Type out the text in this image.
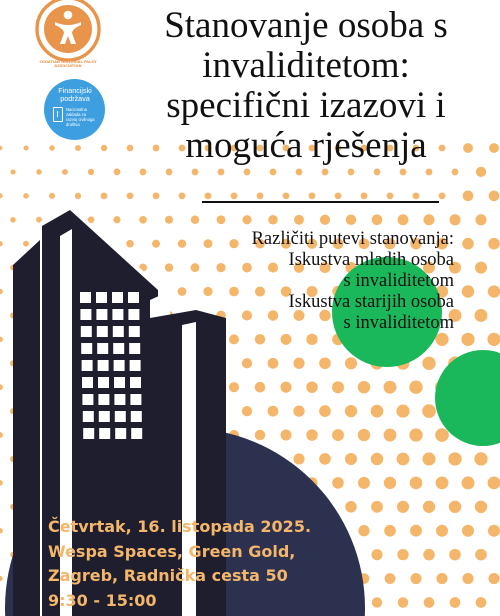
CROATIAN HISTORIAL PALSY ASSOCIATION
Financijski podržava
Nacionalna zaklada za razvoj civilnoga društva
Stanovanje osoba s
invaliditetom:
specifični izazovi i
moguća rješenja
Različiti putevi stanovanja:
Iskustva mladih osoba
s invaliditetom
Iskustva starijih osoba
s invaliditetom
Četvrtak, 16. listopada 2025.
Wespa Spaces, Green Gold,
Zagreb, Radnička cesta 50
9:30 - 15:00
